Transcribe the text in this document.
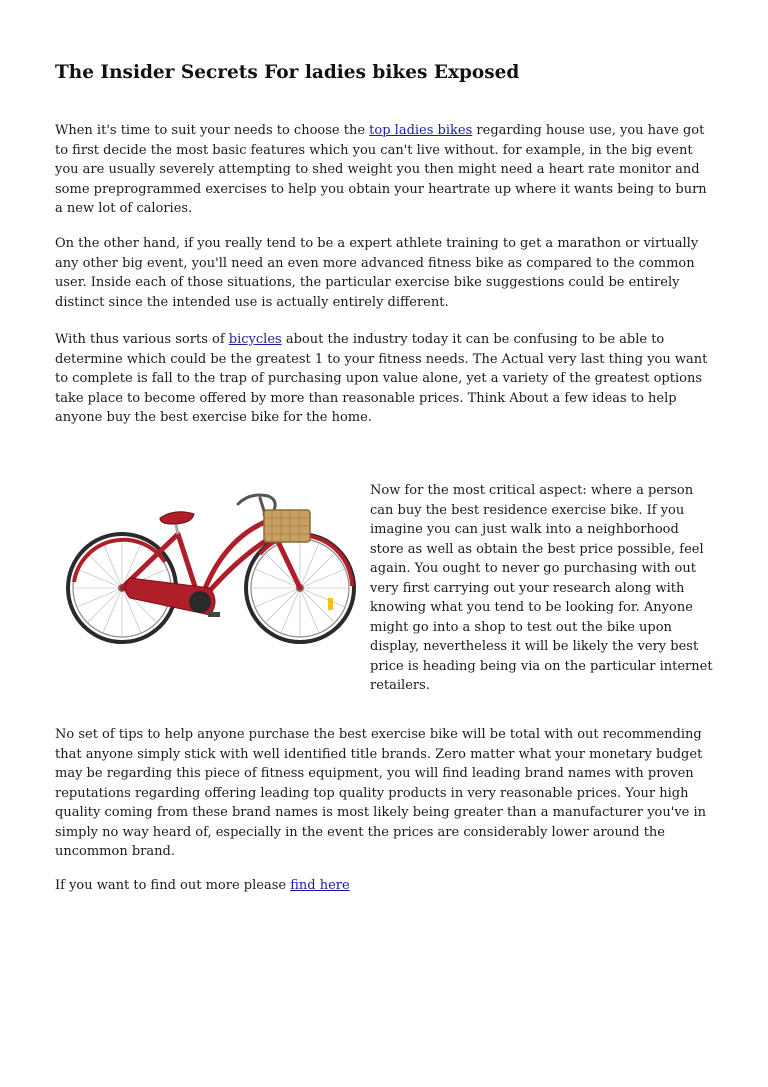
The Insider Secrets For ladies bikes Exposed

When it's time to suit your needs to choose the top ladies bikes regarding house use, you have got to first decide the most basic features which you can't live without. for example, in the big event you are usually severely attempting to shed weight you then might need a heart rate monitor and some preprogrammed exercises to help you obtain your heartrate up where it wants being to burn a new lot of calories.

On the other hand, if you really tend to be a expert athlete training to get a marathon or virtually any other big event, you'll need an even more advanced fitness bike as compared to the common user. Inside each of those situations, the particular exercise bike suggestions could be entirely distinct since the intended use is actually entirely different.

With thus various sorts of bicycles about the industry today it can be confusing to be able to determine which could be the greatest 1 to your fitness needs. The Actual very last thing you want to complete is fall to the trap of purchasing upon value alone, yet a variety of the greatest options take place to become offered by more than reasonable prices. Think About a few ideas to help anyone buy the best exercise bike for the home.

Now for the most critical aspect: where a person can buy the best residence exercise bike. If you imagine you can just walk into a neighborhood store as well as obtain the best price possible, feel again. You ought to never go purchasing with out very first carrying out your research along with knowing what you tend to be looking for. Anyone might go into a shop to test out the bike upon display, nevertheless it will be likely the very best price is heading being via on the particular internet retailers.

No set of tips to help anyone purchase the best exercise bike will be total with out recommending that anyone simply stick with well identified title brands. Zero matter what your monetary budget may be regarding this piece of fitness equipment, you will find leading brand names with proven reputations regarding offering leading top quality products in very reasonable prices. Your high quality coming from these brand names is most likely being greater than a manufacturer you've in simply no way heard of, especially in the event the prices are considerably lower around the uncommon brand.

If you want to find out more please find here
